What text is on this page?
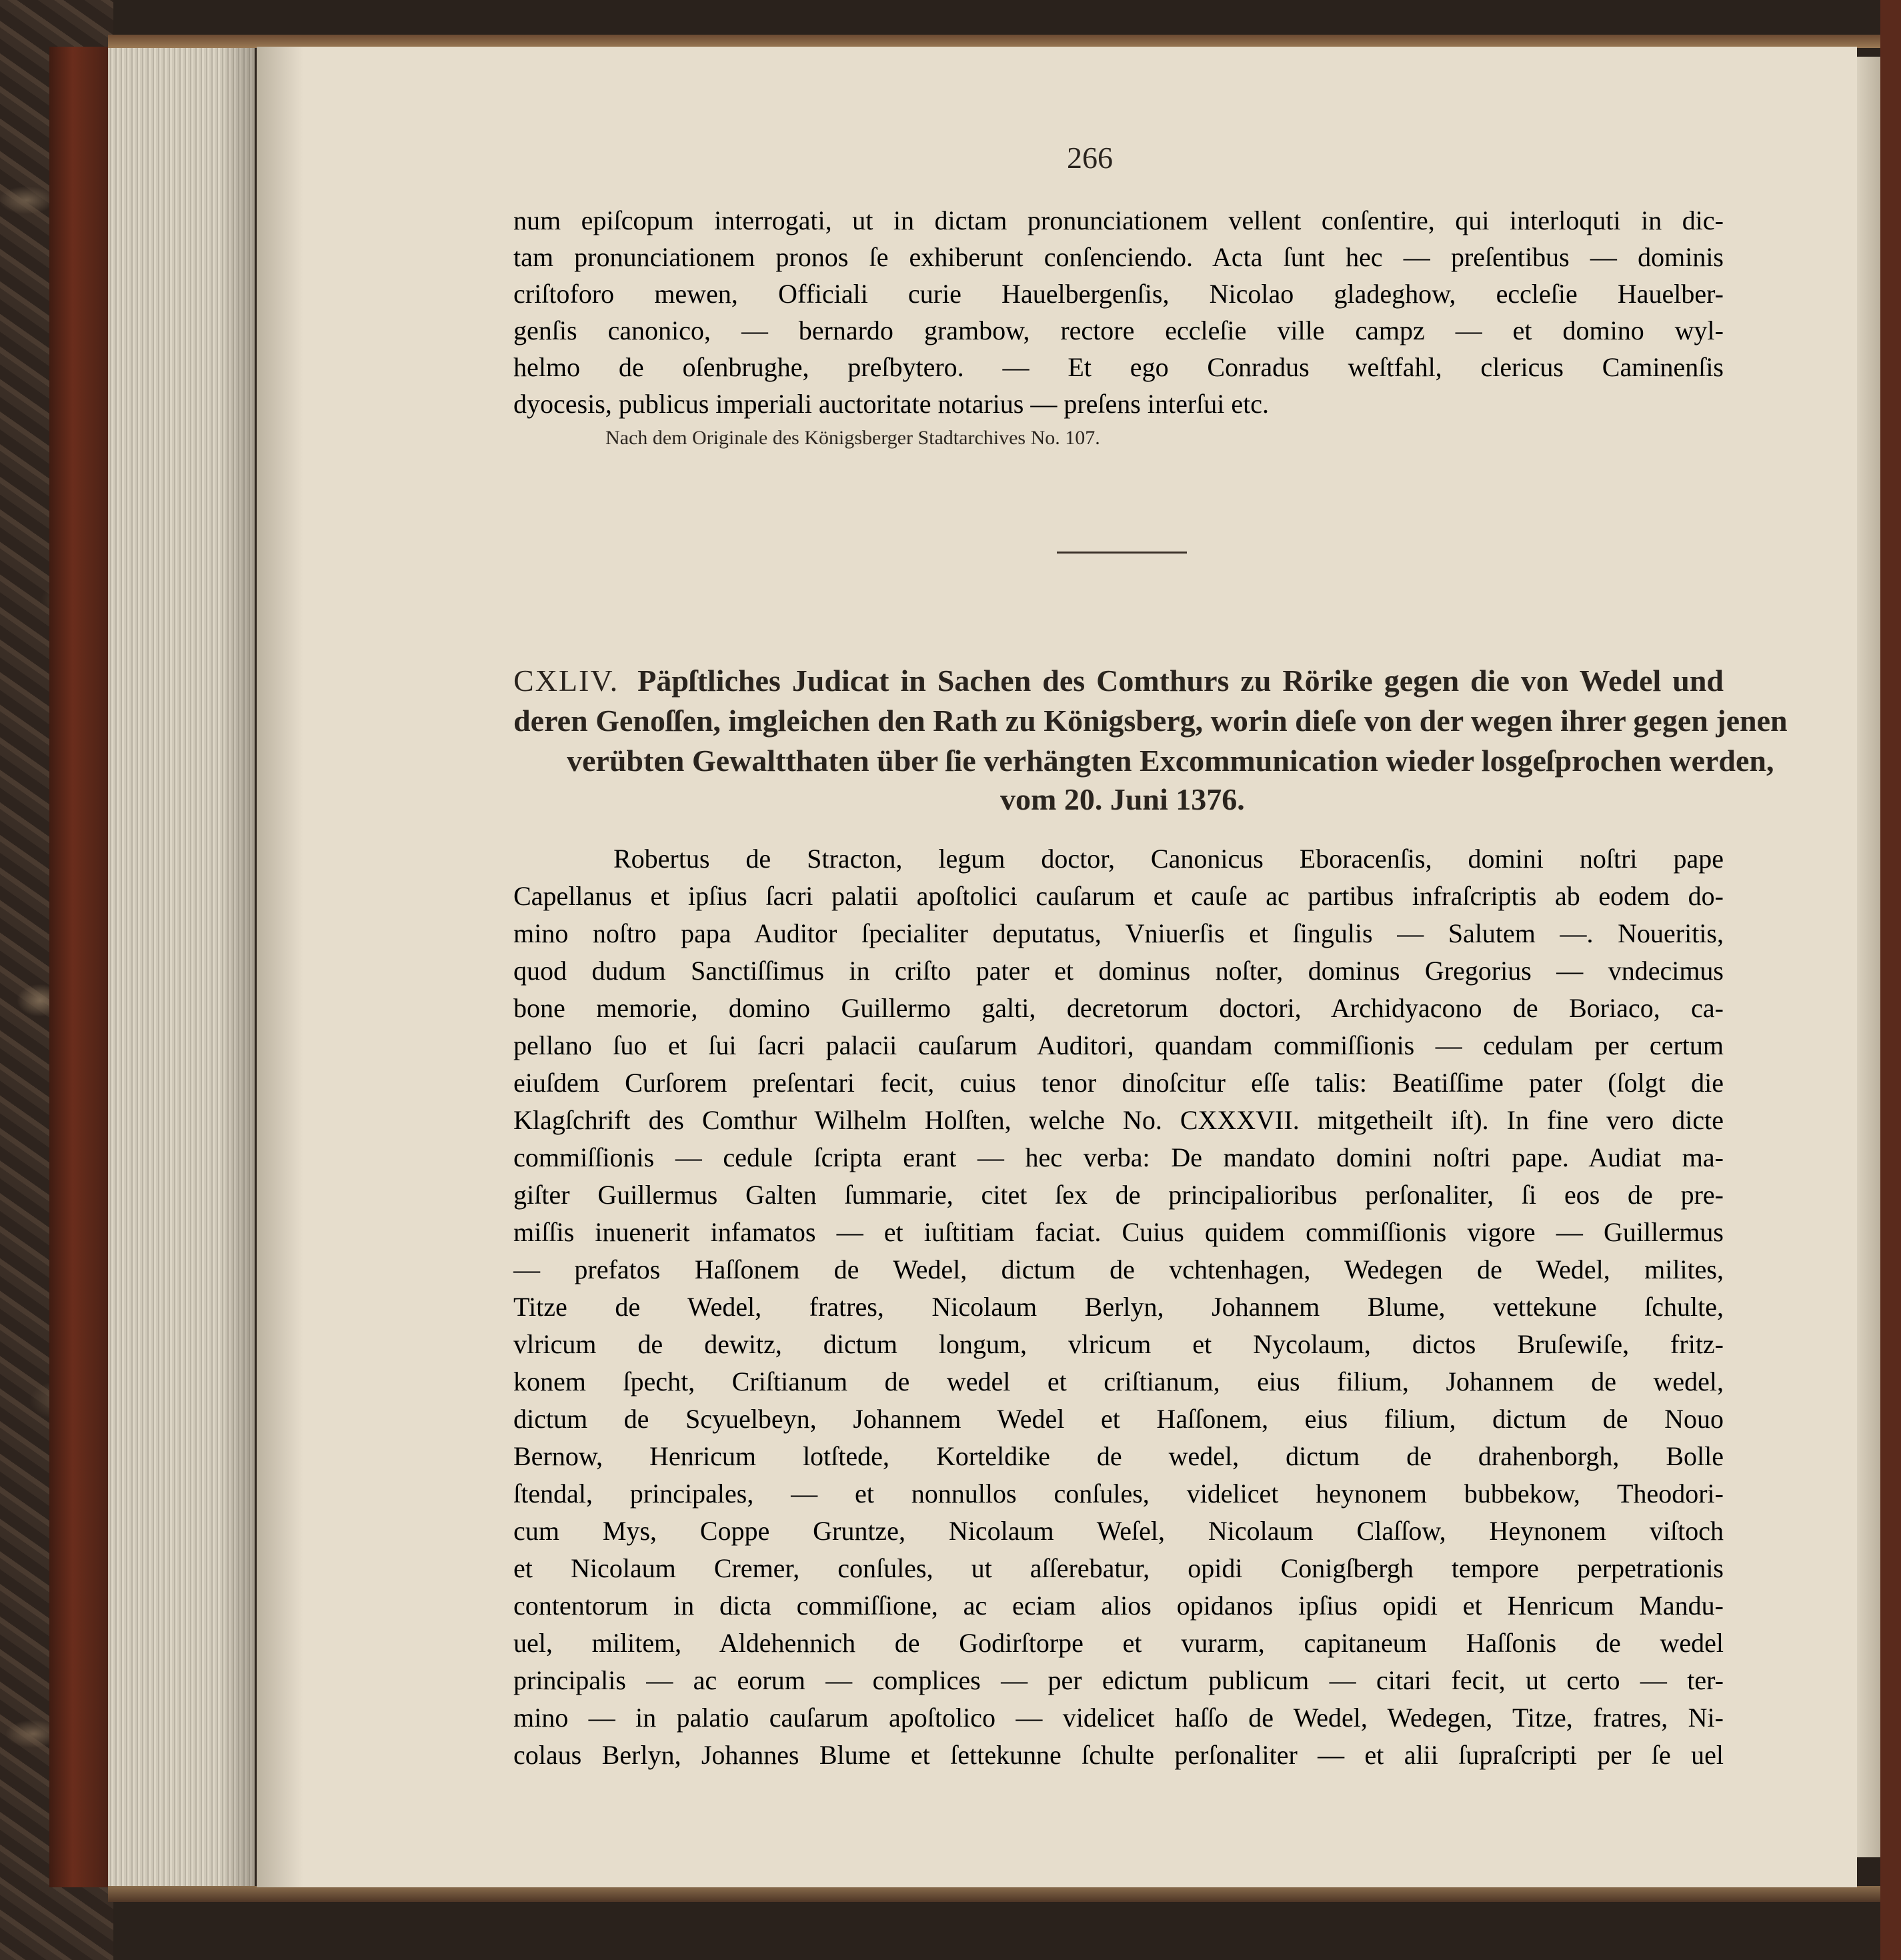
266
num epiſcopum interrogati, ut in dictam pronunciationem vellent conſentire, qui interloquti in dic-
tam pronunciationem pronos ſe exhiberunt conſenciendo. Acta ſunt hec — preſentibus — dominis
criſtoforo mewen, Officiali curie Hauelbergenſis, Nicolao gladeghow, eccleſie Hauelber-
genſis canonico, — bernardo grambow, rectore eccleſie ville campz — et domino wyl-
helmo de oſenbrughe, preſbytero. — Et ego Conradus weſtfahl, clericus Caminenſis
dyocesis, publicus imperiali auctoritate notarius — preſens interſui etc.
Nach dem Originale des Königsberger Stadtarchives No. 107.
CXLIV. Päpſtliches Judicat in Sachen des Comthurs zu Rörike gegen die von Wedel und
deren Genoſſen, imgleichen den Rath zu Königsberg, worin dieſe von der wegen ihrer gegen jenen
verübten Gewaltthaten über ſie verhängten Excommunication wieder losgeſprochen werden,
vom 20. Juni 1376.
Robertus de Stracton, legum doctor, Canonicus Eboracenſis, domini noſtri pape
Capellanus et ipſius ſacri palatii apoſtolici cauſarum et cauſe ac partibus infraſcriptis ab eodem do-
mino noſtro papa Auditor ſpecialiter deputatus, Vniuerſis et ſingulis — Salutem —. Noueritis,
quod dudum Sanctiſſimus in criſto pater et dominus noſter, dominus Gregorius — vndecimus
bone memorie, domino Guillermo galti, decretorum doctori, Archidyacono de Boriaco, ca-
pellano ſuo et ſui ſacri palacii cauſarum Auditori, quandam commiſſionis — cedulam per certum
eiuſdem Curſorem preſentari fecit, cuius tenor dinoſcitur eſſe talis: Beatiſſime pater (ſolgt die
Klagſchrift des Comthur Wilhelm Holſten, welche No. CXXXVII. mitgetheilt iſt). In fine vero dicte
commiſſionis — cedule ſcripta erant — hec verba: De mandato domini noſtri pape. Audiat ma-
giſter Guillermus Galten ſummarie, citet ſex de principalioribus perſonaliter, ſi eos de pre-
miſſis inuenerit infamatos — et iuſtitiam faciat. Cuius quidem commiſſionis vigore — Guillermus
— prefatos Haſſonem de Wedel, dictum de vchtenhagen, Wedegen de Wedel, milites,
Titze de Wedel, fratres, Nicolaum Berlyn, Johannem Blume, vettekune ſchulte,
vlricum de dewitz, dictum longum, vlricum et Nycolaum, dictos Bruſewiſe, fritz-
konem ſpecht, Criſtianum de wedel et criſtianum, eius filium, Johannem de wedel,
dictum de Scyuelbeyn, Johannem Wedel et Haſſonem, eius filium, dictum de Nouo
Bernow, Henricum lotſtede, Korteldike de wedel, dictum de drahenborgh, Bolle
ſtendal, principales, — et nonnullos conſules, videlicet heynonem bubbekow, Theodori-
cum Mys, Coppe Gruntze, Nicolaum Weſel, Nicolaum Claſſow, Heynonem viſtoch
et Nicolaum Cremer, conſules, ut aſſerebatur, opidi Conigſbergh tempore perpetrationis
contentorum in dicta commiſſione, ac eciam alios opidanos ipſius opidi et Henricum Mandu-
uel, militem, Aldehennich de Godirſtorpe et vurarm, capitaneum Haſſonis de wedel
principalis — ac eorum — complices — per edictum publicum — citari fecit, ut certo — ter-
mino — in palatio cauſarum apoſtolico — videlicet haſſo de Wedel, Wedegen, Titze, fratres, Ni-
colaus Berlyn, Johannes Blume et ſettekunne ſchulte perſonaliter — et alii ſupraſcripti per ſe uel
